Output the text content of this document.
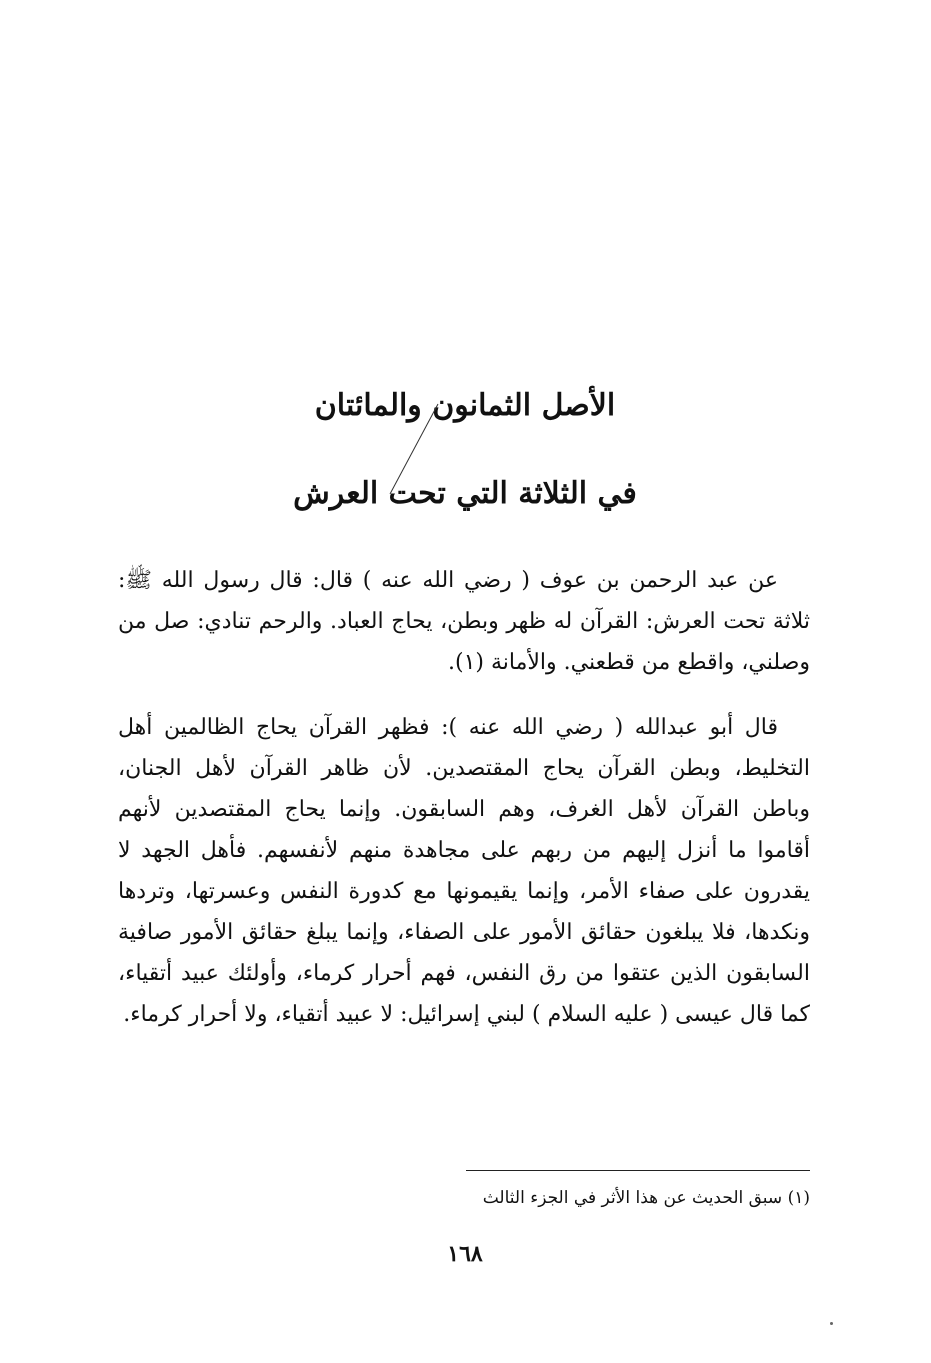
الأصل الثمانون والمائتان
في الثلاثة التي تحت العرش

عن عبد الرحمن بن عوف ( رضي الله عنه ) قال: قال رسول الله ﷺ: ثلاثة تحت العرش: القرآن له ظهر وبطن، يحاج العباد. والرحم تنادي: صل من وصلني، واقطع من قطعني. والأمانة (١).

قال أبو عبدالله ( رضي الله عنه ): فظهر القرآن يحاج الظالمين أهل التخليط، وبطن القرآن يحاج المقتصدين. لأن ظاهر القرآن لأهل الجنان، وباطن القرآن لأهل الغرف، وهم السابقون. وإنما يحاج المقتصدين لأنهم أقاموا ما أنزل إليهم من ربهم على مجاهدة منهم لأنفسهم. فأهل الجهد لا يقدرون على صفاء الأمر، وإنما يقيمونها مع كدورة النفس وعسرتها، وتردها ونكدها، فلا يبلغون حقائق الأمور على الصفاء، وإنما يبلغ حقائق الأمور صافية السابقون الذين عتقوا من رق النفس، فهم أحرار كرماء، وأولئك عبيد أتقياء، كما قال عيسى ( عليه السلام ) لبني إسرائيل: لا عبيد أتقياء، ولا أحرار كرماء.

(١) سبق الحديث عن هذا الأثر في الجزء الثالث
١٦٨
